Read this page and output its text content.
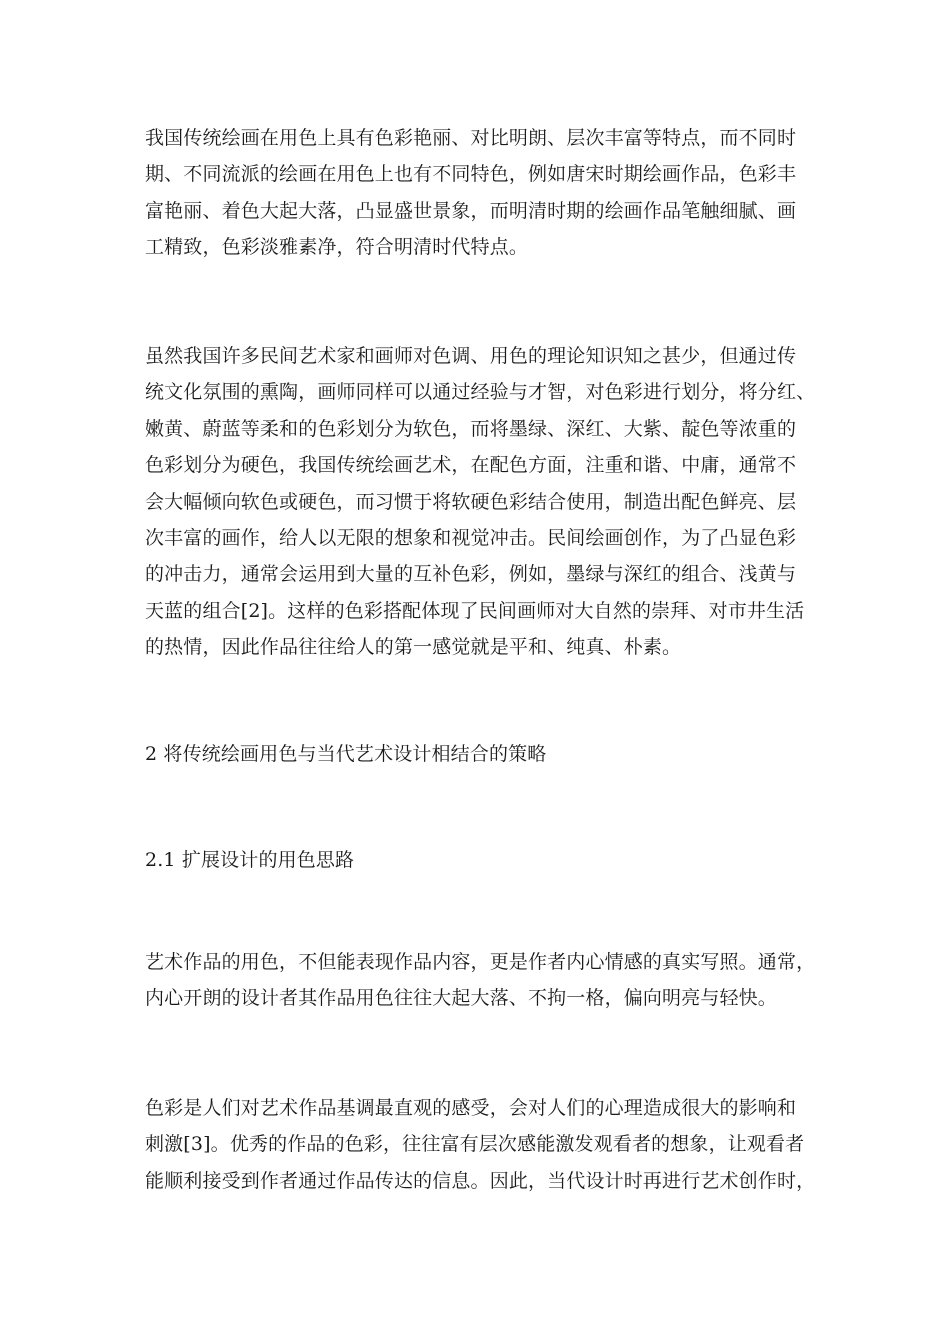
我国传统绘画在用色上具有色彩艳丽、对比明朗、层次丰富等特点，而不同时
期、不同流派的绘画在用色上也有不同特色，例如唐宋时期绘画作品，色彩丰
富艳丽、着色大起大落，凸显盛世景象，而明清时期的绘画作品笔触细腻、画
工精致，色彩淡雅素净，符合明清时代特点。
虽然我国许多民间艺术家和画师对色调、用色的理论知识知之甚少，但通过传
统文化氛围的熏陶，画师同样可以通过经验与才智，对色彩进行划分，将分红、
嫩黄、蔚蓝等柔和的色彩划分为软色，而将墨绿、深红、大紫、靛色等浓重的
色彩划分为硬色，我国传统绘画艺术，在配色方面，注重和谐、中庸，通常不
会大幅倾向软色或硬色，而习惯于将软硬色彩结合使用，制造出配色鲜亮、层
次丰富的画作，给人以无限的想象和视觉冲击。民间绘画创作，为了凸显色彩
的冲击力，通常会运用到大量的互补色彩，例如，墨绿与深红的组合、浅黄与
天蓝的组合[2]。这样的色彩搭配体现了民间画师对大自然的崇拜、对市井生活
的热情，因此作品往往给人的第一感觉就是平和、纯真、朴素。
2 将传统绘画用色与当代艺术设计相结合的策略
2.1 扩展设计的用色思路
艺术作品的用色，不但能表现作品内容，更是作者内心情感的真实写照。通常，
内心开朗的设计者其作品用色往往大起大落、不拘一格，偏向明亮与轻快。
色彩是人们对艺术作品基调最直观的感受，会对人们的心理造成很大的影响和
刺激[3]。优秀的作品的色彩，往往富有层次感能激发观看者的想象，让观看者
能顺利接受到作者通过作品传达的信息。因此，当代设计时再进行艺术创作时，
